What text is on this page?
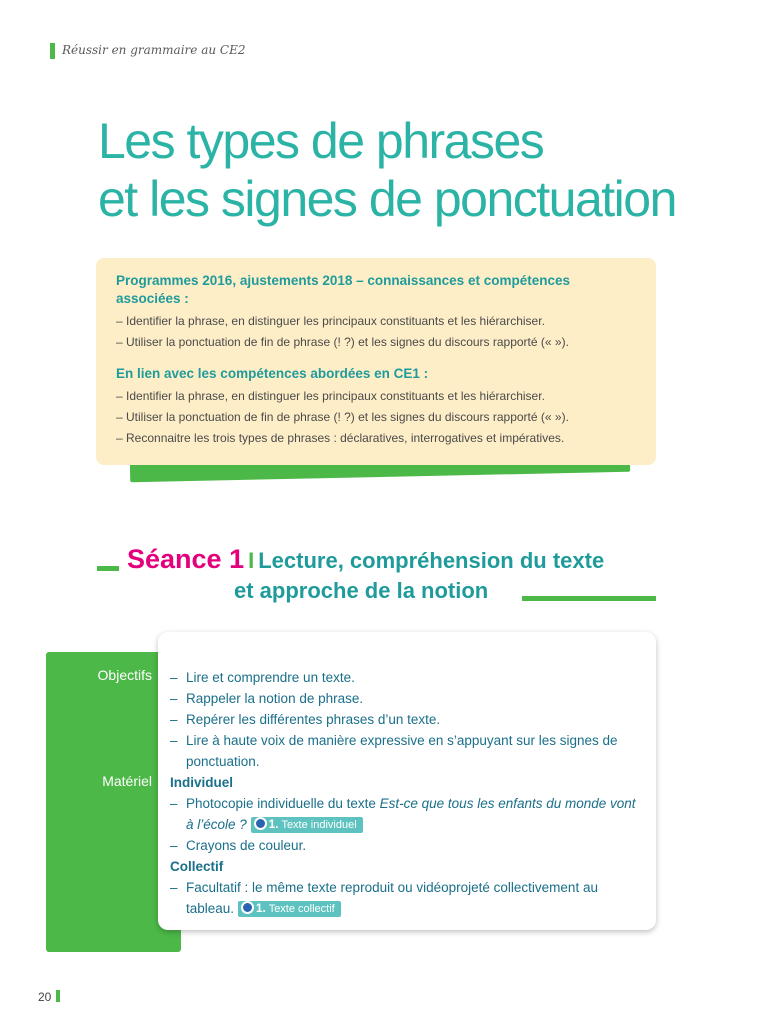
Réussir en grammaire au CE2
Les types de phrases
et les signes de ponctuation
Programmes 2016, ajustements 2018 – connaissances et compétences associées :
– Identifier la phrase, en distinguer les principaux constituants et les hiérarchiser.
– Utiliser la ponctuation de fin de phrase (! ?) et les signes du discours rapporté (« »).
En lien avec les compétences abordées en CE1 :
– Identifier la phrase, en distinguer les principaux constituants et les hiérarchiser.
– Utiliser la ponctuation de fin de phrase (! ?) et les signes du discours rapporté (« »).
– Reconnaitre les trois types de phrases : déclaratives, interrogatives et impératives.
Séance 1 I Lecture, compréhension du texte
et approche de la notion
Objectifs
Matériel
– Lire et comprendre un texte.
– Rappeler la notion de phrase.
– Repérer les différentes phrases d’un texte.
– Lire à haute voix de manière expressive en s’appuyant sur les signes de ponctuation.
Individuel
– Photocopie individuelle du texte Est-ce que tous les enfants du monde vont à l’école ? 1. Texte individuel
– Crayons de couleur.
Collectif
– Facultatif : le même texte reproduit ou vidéoprojeté collectivement au tableau. 1. Texte collectif
20
